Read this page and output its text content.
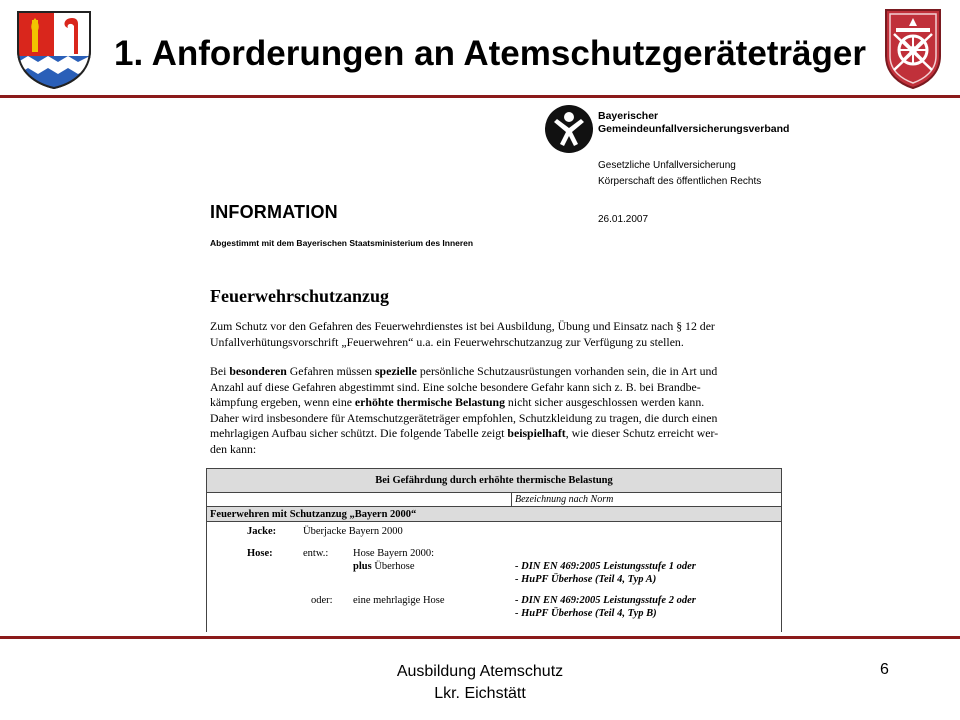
1. Anforderungen an Atemschutzgeräteträger
Bayerischer
Gemeindeunfallversicherungsverband
Gesetzliche Unfallversicherung
Körperschaft des öffentlichen Rechts
26.01.2007
INFORMATION
Abgestimmt mit dem Bayerischen Staatsministerium des Inneren
Feuerwehrschutzanzug
Zum Schutz vor den Gefahren des Feuerwehrdienstes ist bei Ausbildung, Übung und Einsatz nach § 12 der
Unfallverhütungsvorschrift „Feuerwehren“ u.a. ein Feuerwehrschutzanzug zur Verfügung zu stellen.
Bei besonderen Gefahren müssen spezielle persönliche Schutzausrüstungen vorhanden sein, die in Art und
Anzahl auf diese Gefahren abgestimmt sind. Eine solche besondere Gefahr kann sich z. B. bei Brandbe-
kämpfung ergeben, wenn eine erhöhte thermische Belastung nicht sicher ausgeschlossen werden kann.
Daher wird insbesondere für Atemschutzgeräteträger empfohlen, Schutzkleidung zu tragen, die durch einen
mehrlagigen Aufbau sicher schützt. Die folgende Tabelle zeigt beispielhaft, wie dieser Schutz erreicht wer-
den kann:
Bei Gefährdung durch erhöhte thermische Belastung
Bezeichnung nach Norm
Feuerwehren mit Schutzanzug „Bayern 2000“
Jacke:	Überjacke Bayern 2000
Hose:	entw.: Hose Bayern 2000:
plus Überhose	- DIN EN 469:2005 Leistungsstufe 1 oder
- HuPF Überhose (Teil 4, Typ A)
oder: eine mehrlagige Hose	- DIN EN 469:2005 Leistungsstufe 2 oder
- HuPF Überhose (Teil 4, Typ B)
Ausbildung Atemschutz
Lkr. Eichstätt
6
